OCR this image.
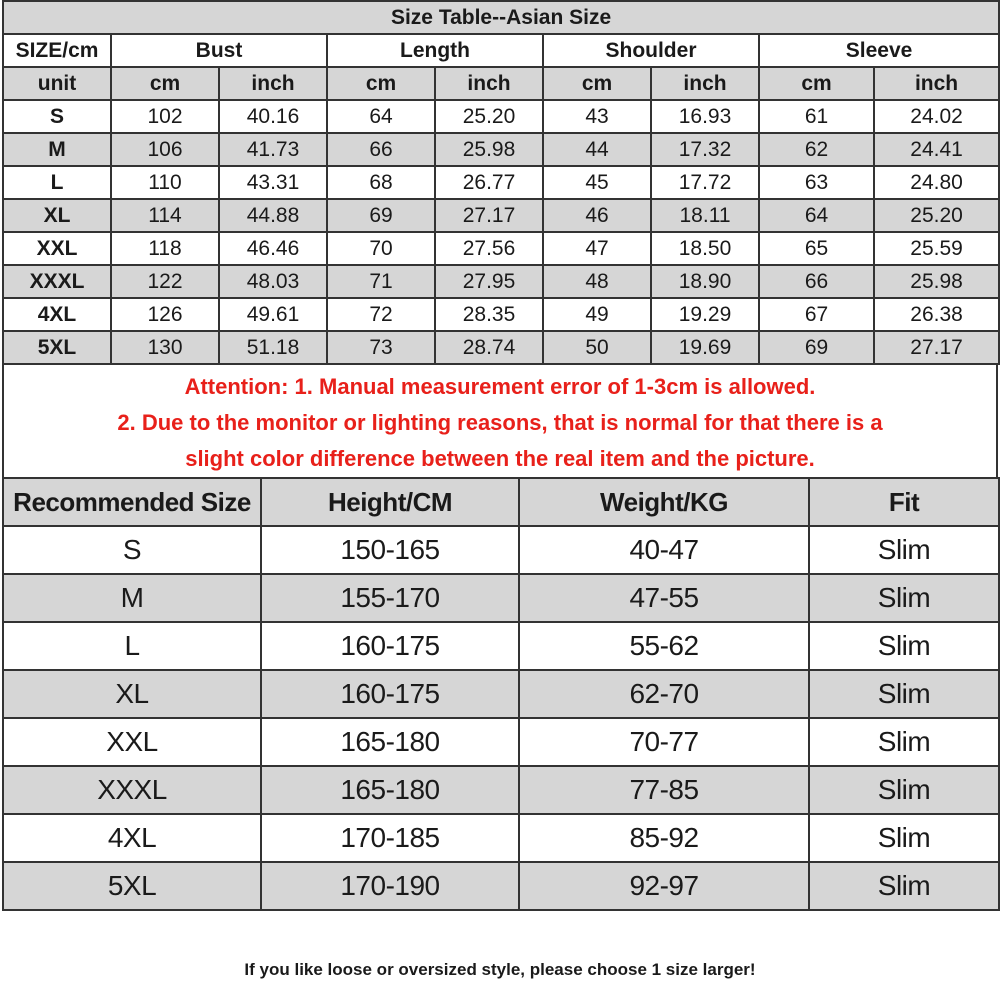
Size Table--Asian Size								
SIZE/cm	Bust		Length		Shoulder		Sleeve	
unit	cm	inch	cm	inch	cm	inch	cm	inch
S	102	40.16	64	25.20	43	16.93	61	24.02
M	106	41.73	66	25.98	44	17.32	62	24.41
L	110	43.31	68	26.77	45	17.72	63	24.80
XL	114	44.88	69	27.17	46	18.11	64	25.20
XXL	118	46.46	70	27.56	47	18.50	65	25.59
XXXL	122	48.03	71	27.95	48	18.90	66	25.98
4XL	126	49.61	72	28.35	49	19.29	67	26.38
5XL	130	51.18	73	28.74	50	19.69	69	27.17
Attention: 1. Manual measurement error of 1-3cm is allowed.
2. Due to the monitor or lighting reasons, that is normal for that there is a
slight color difference between the real item and the picture.
Recommended Size	Height/CM	Weight/KG	Fit
S	150-165	40-47	Slim
M	155-170	47-55	Slim
L	160-175	55-62	Slim
XL	160-175	62-70	Slim
XXL	165-180	70-77	Slim
XXXL	165-180	77-85	Slim
4XL	170-185	85-92	Slim
5XL	170-190	92-97	Slim
If you like loose or oversized style, please choose 1 size larger!
